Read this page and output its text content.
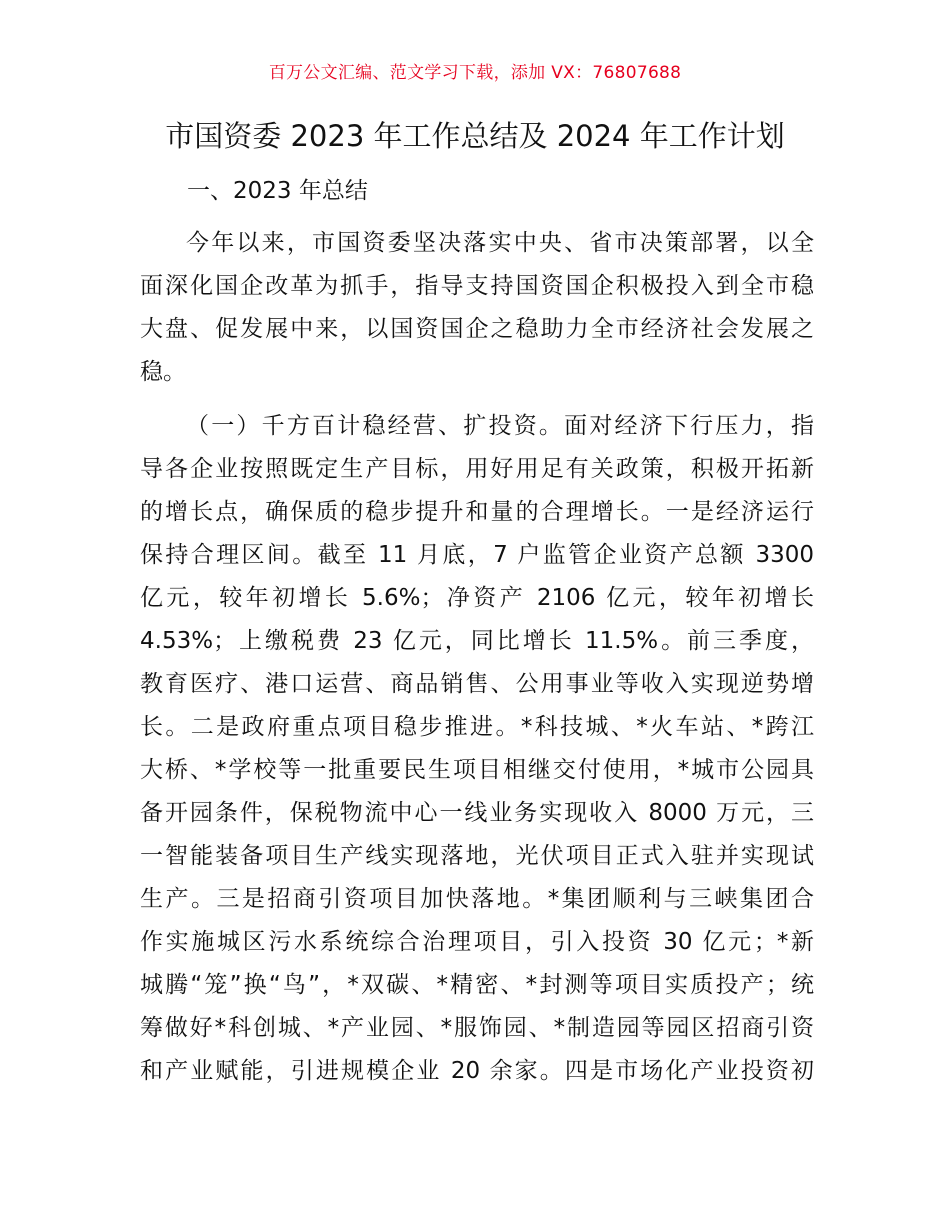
百万公文汇编、范文学习下载，添加 VX：76807688
市国资委 2023 年工作总结及 2024 年工作计划
一、2023 年总结
今年以来，市国资委坚决落实中央、省市决策部署，以全
面深化国企改革为抓手，指导支持国资国企积极投入到全市稳
大盘、促发展中来，以国资国企之稳助力全市经济社会发展之
稳。
（一）千方百计稳经营、扩投资。面对经济下行压力，指
导各企业按照既定生产目标，用好用足有关政策，积极开拓新
的增长点，确保质的稳步提升和量的合理增长。一是经济运行
保持合理区间。截至 11 月底，7 户监管企业资产总额 3300
亿元，较年初增长 5.6%；净资产 2106 亿元，较年初增长
4.53%；上缴税费 23 亿元，同比增长 11.5%。前三季度，
教育医疗、港口运营、商品销售、公用事业等收入实现逆势增
长。二是政府重点项目稳步推进。*科技城、*火车站、*跨江
大桥、*学校等一批重要民生项目相继交付使用，*城市公园具
备开园条件，保税物流中心一线业务实现收入 8000 万元，三
一智能装备项目生产线实现落地，光伏项目正式入驻并实现试
生产。三是招商引资项目加快落地。*集团顺利与三峡集团合
作实施城区污水系统综合治理项目，引入投资 30 亿元；*新
城腾“笼”换“鸟”，*双碳、*精密、*封测等项目实质投产；统
筹做好*科创城、*产业园、*服饰园、*制造园等园区招商引资
和产业赋能，引进规模企业 20 余家。四是市场化产业投资初
